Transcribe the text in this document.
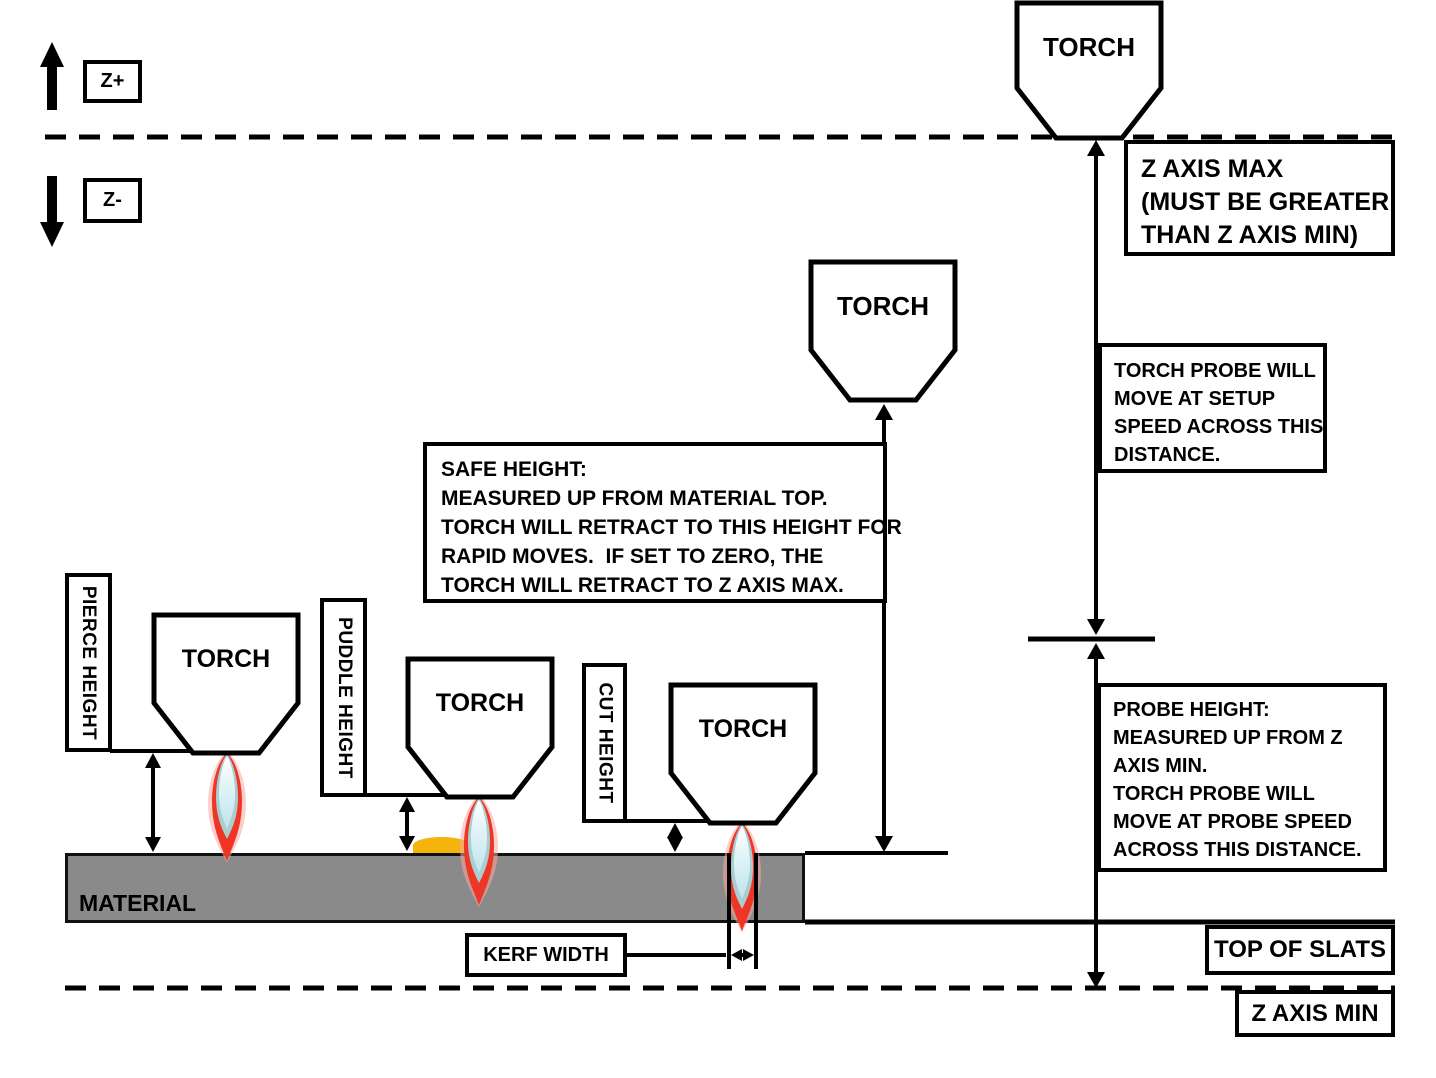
MATERIAL
TORCH
TORCH
TORCH
TORCH
TORCH
Z+
Z-
Z AXIS MAX
(MUST BE GREATER
THAN Z AXIS MIN)
TORCH PROBE WILL
MOVE AT SETUP
SPEED ACROSS THIS
DISTANCE.
SAFE HEIGHT:
MEASURED UP FROM MATERIAL TOP.
TORCH WILL RETRACT TO THIS HEIGHT FOR
RAPID MOVES.  IF SET TO ZERO, THE
TORCH WILL RETRACT TO Z AXIS MAX.
PROBE HEIGHT:
MEASURED UP FROM Z
AXIS MIN.
TORCH PROBE WILL
MOVE AT PROBE SPEED
ACROSS THIS DISTANCE.
TOP OF SLATS
Z AXIS MIN
KERF WIDTH
PIERCE HEIGHT	PUDDLE HEIGHT	CUT HEIGHT
